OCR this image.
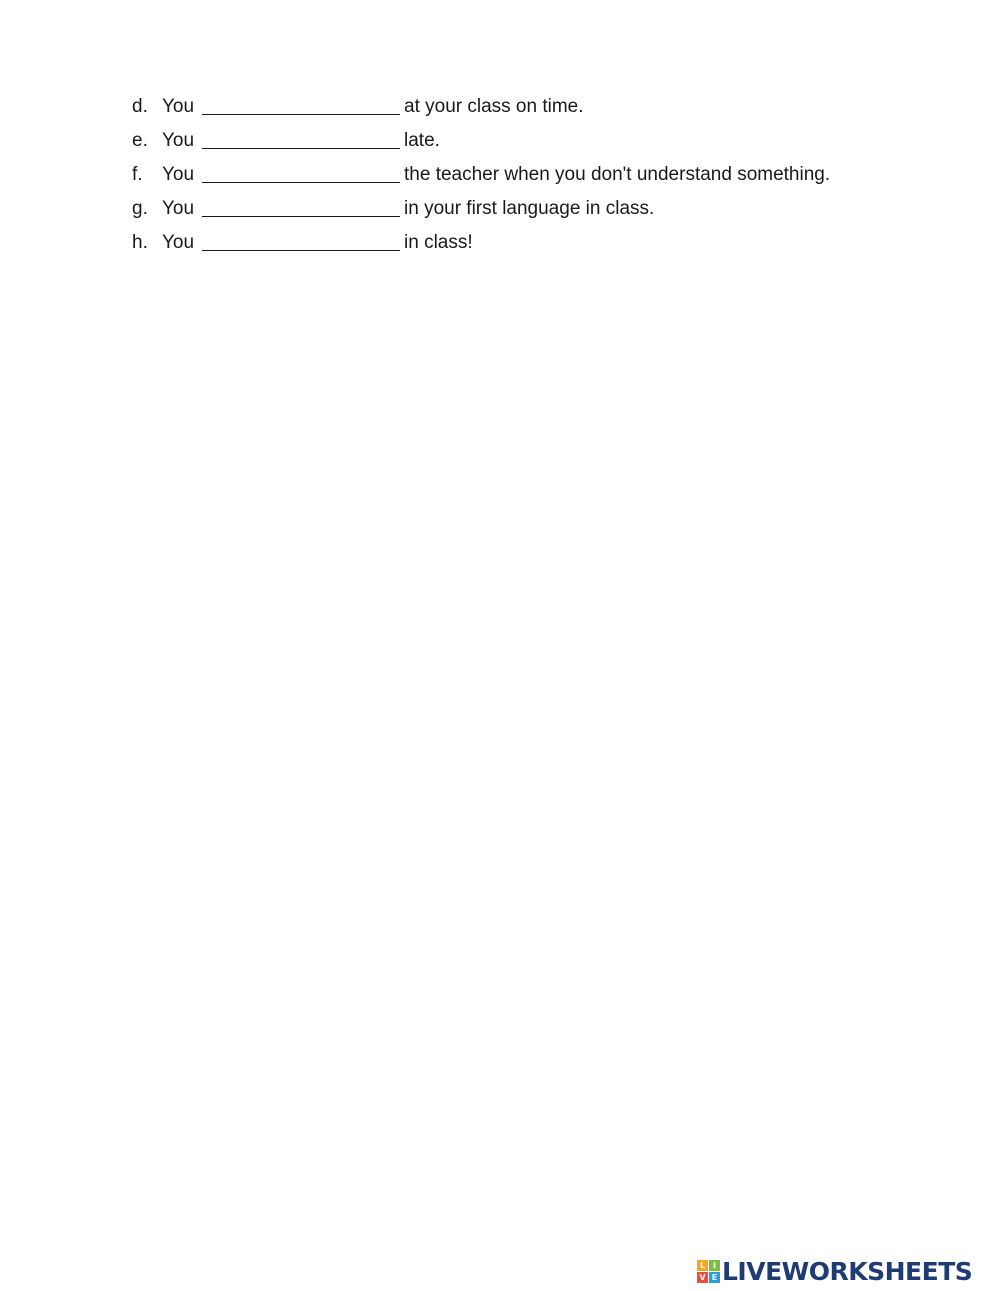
d. You	at your class on time.
e. You	late.
f. You	the teacher when you don't understand something.
g. You	in your first language in class.
h. You	in class!
L I
V E LIVEWORKSHEETS
